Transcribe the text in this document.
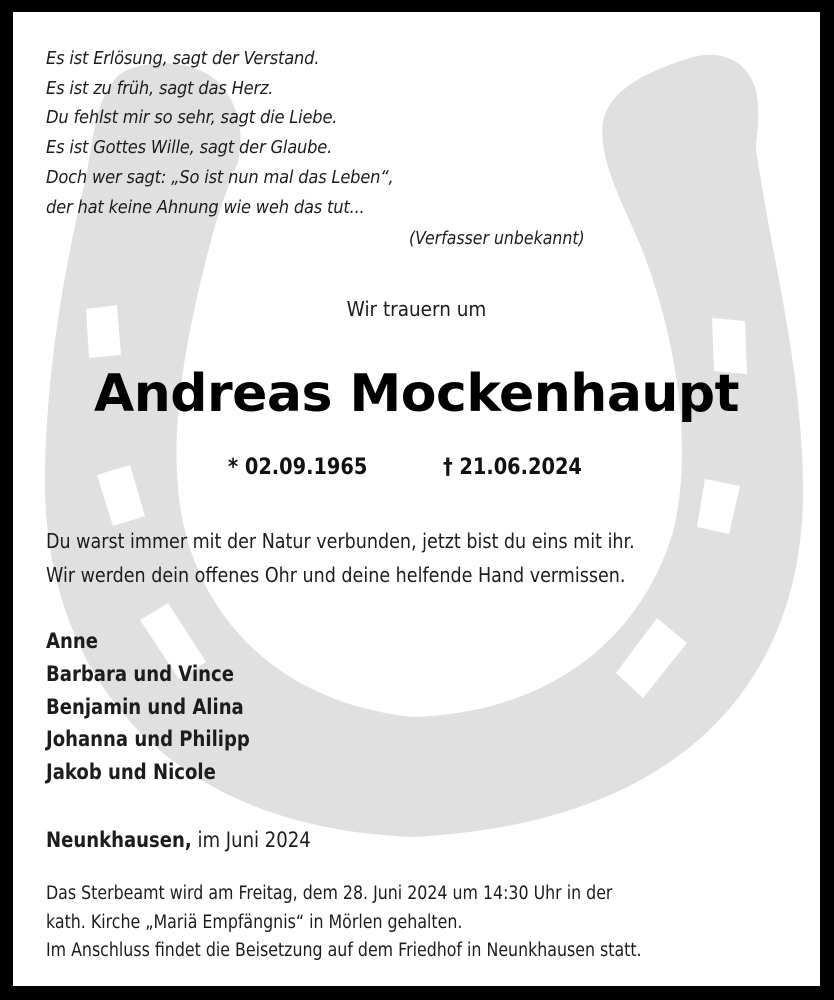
Es ist Erlösung, sagt der Verstand.
Es ist zu früh, sagt das Herz.
Du fehlst mir so sehr, sagt die Liebe.
Es ist Gottes Wille, sagt der Glaube.
Doch wer sagt: „So ist nun mal das Leben“,
der hat keine Ahnung wie weh das tut...
(Verfasser unbekannt)
Wir trauern um
Andreas Mockenhaupt
* 02.09.1965	† 21.06.2024
Du warst immer mit der Natur verbunden, jetzt bist du eins mit ihr.
Wir werden dein offenes Ohr und deine helfende Hand vermissen.
Anne
Barbara und Vince
Benjamin und Alina
Johanna und Philipp
Jakob und Nicole
Neunkhausen, im Juni 2024
Das Sterbeamt wird am Freitag, dem 28. Juni 2024 um 14:30 Uhr in der
kath. Kirche „Mariä Empfängnis“ in Mörlen gehalten.
Im Anschluss findet die Beisetzung auf dem Friedhof in Neunkhausen statt.
